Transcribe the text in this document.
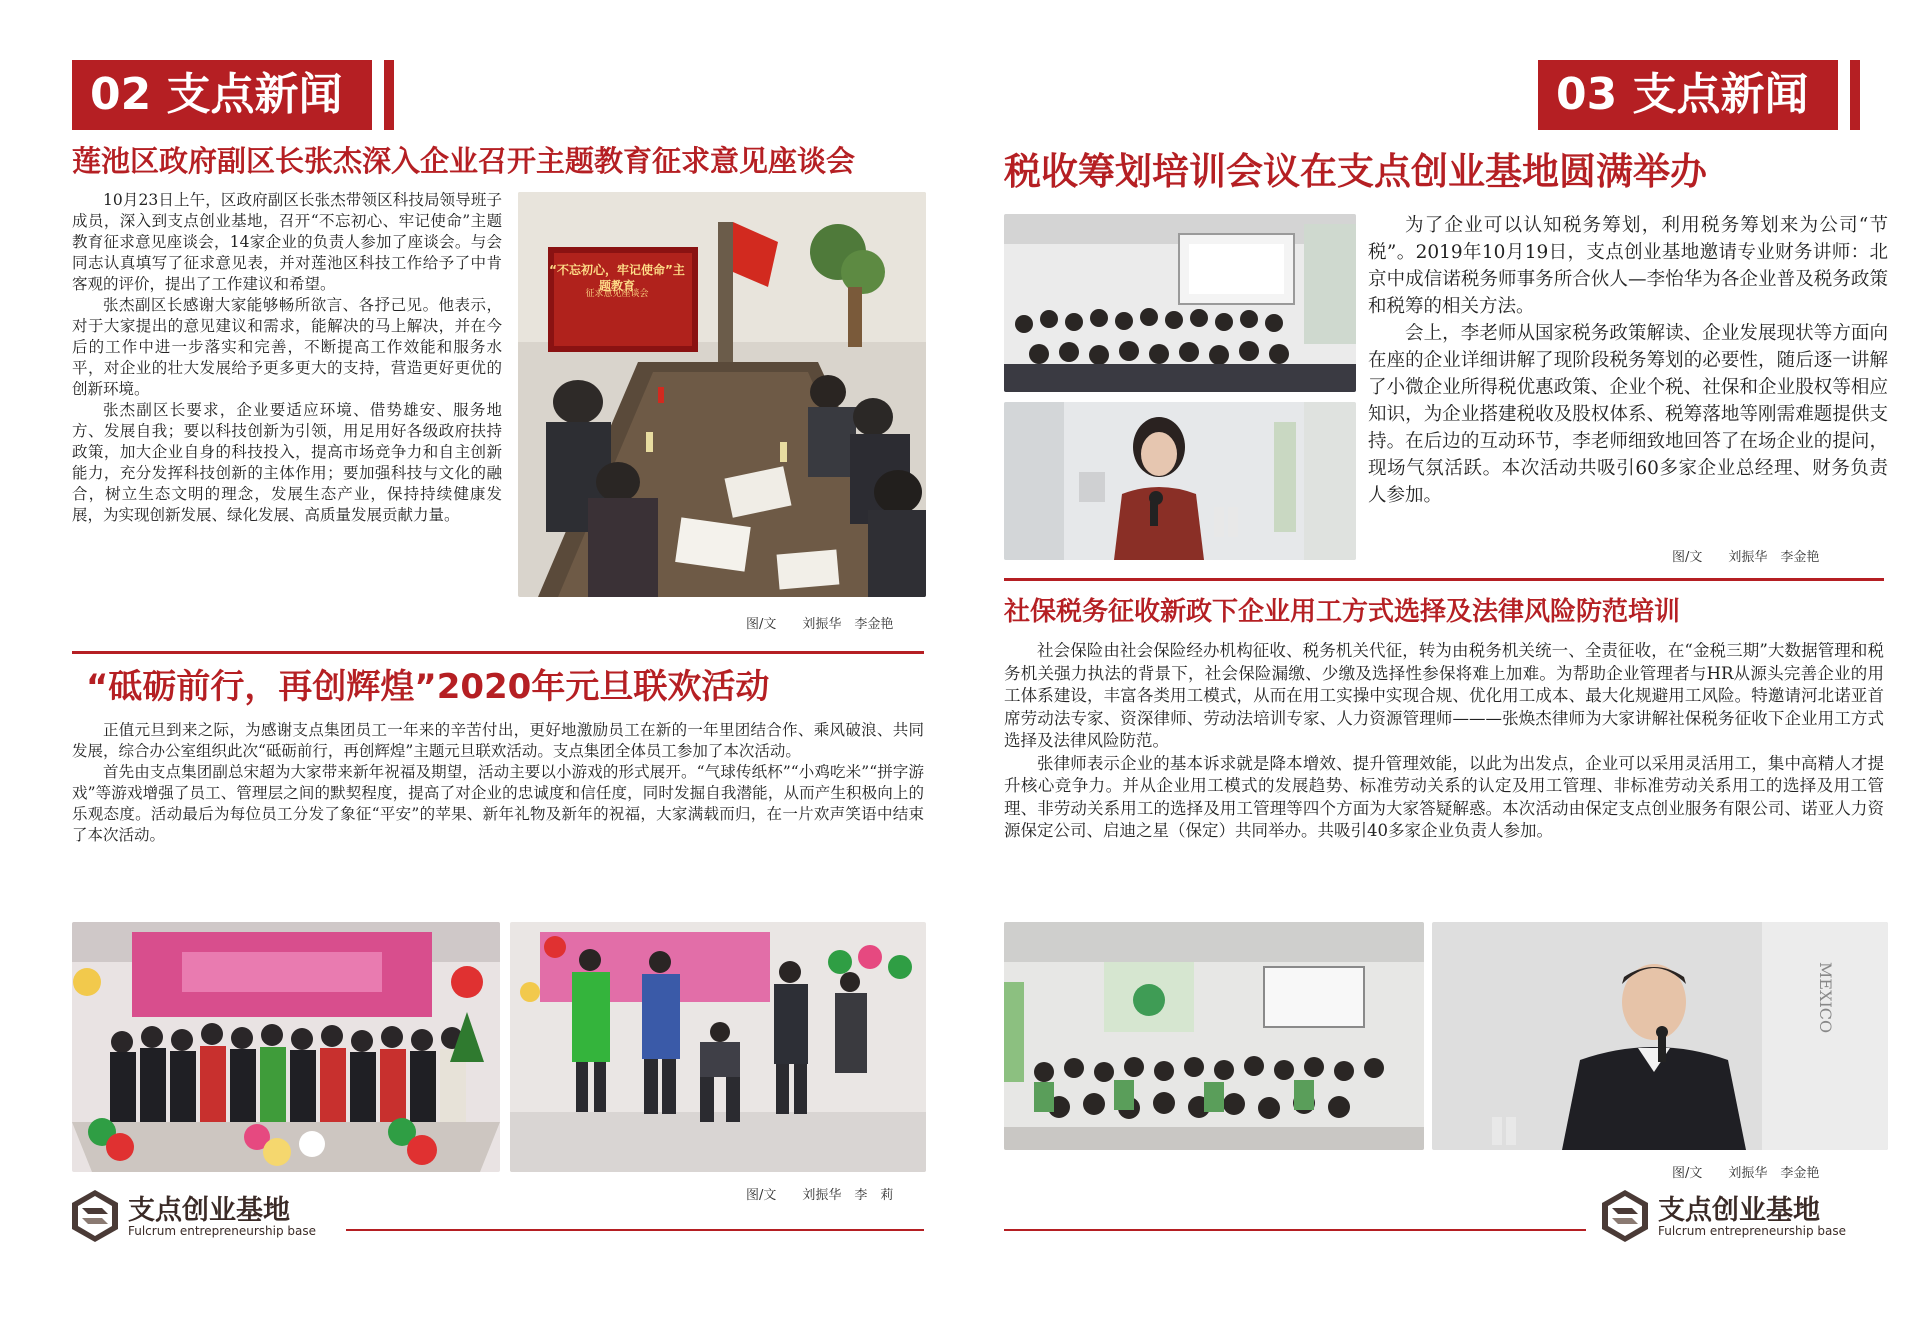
02 支点新闻
莲池区政府副区长张杰深入企业召开主题教育征求意见座谈会

10月23日上午，区政府副区长张杰带领区科技局领导班子成员，深入到支点创业基地，召开“不忘初心、牢记使命”主题教育征求意见座谈会，14家企业的负责人参加了座谈会。与会同志认真填写了征求意见表，并对莲池区科技工作给予了中肯客观的评价，提出了工作建议和希望。

张杰副区长感谢大家能够畅所欲言、各抒己见。他表示，对于大家提出的意见建议和需求，能解决的马上解决，并在今后的工作中进一步落实和完善，不断提高工作效能和服务水平，对企业的壮大发展给予更多更大的支持，营造更好更优的创新环境。

张杰副区长要求，企业要适应环境、借势雄安、服务地方、发展自我；要以科技创新为引领，用足用好各级政府扶持政策，加大企业自身的科技投入，提高市场竞争力和自主创新能力，充分发挥科技创新的主体作用；要加强科技与文化的融合，树立生态文明的理念，发展生态产业，保持持续健康发展，为实现创新发展、绿化发展、高质量发展贡献力量。

“不忘初心，牢记使命”主题教育
征求意见座谈会
图/文　　刘振华　李金艳
“砥砺前行，再创辉煌”2020年元旦联欢活动

正值元旦到来之际，为感谢支点集团员工一年来的辛苦付出，更好地激励员工在新的一年里团结合作、乘风破浪、共同发展，综合办公室组织此次“砥砺前行，再创辉煌”主题元旦联欢活动。支点集团全体员工参加了本次活动。

首先由支点集团副总宋超为大家带来新年祝福及期望，活动主要以小游戏的形式展开。“气球传纸杯”“小鸡吃米”“拼字游戏”等游戏增强了员工、管理层之间的默契程度，提高了对企业的忠诚度和信任度，同时发掘自我潜能，从而产生积极向上的乐观态度。活动最后为每位员工分发了象征“平安”的苹果、新年礼物及新年的祝福，大家满载而归，在一片欢声笑语中结束了本次活动。

图/文　　刘振华　李　莉
支点创业基地
Fulcrum entrepreneurship base
03 支点新闻
税收筹划培训会议在支点创业基地圆满举办

为了企业可以认知税务筹划，利用税务筹划来为公司“节税”。2019年10月19日，支点创业基地邀请专业财务讲师：北京中成信诺税务师事务所合伙人—李怡华为各企业普及税务政策和税筹的相关方法。

会上，李老师从国家税务政策解读、企业发展现状等方面向在座的企业详细讲解了现阶段税务筹划的必要性，随后逐一讲解了小微企业所得税优惠政策、企业个税、社保和企业股权等相应知识，为企业搭建税收及股权体系、税筹落地等刚需难题提供支持。在后边的互动环节，李老师细致地回答了在场企业的提问，现场气氛活跃。本次活动共吸引60多家企业总经理、财务负责人参加。

图/文　　刘振华　李金艳
社保税务征收新政下企业用工方式选择及法律风险防范培训

社会保险由社会保险经办机构征收、税务机关代征，转为由税务机关统一、全责征收，在“金税三期”大数据管理和税务机关强力执法的背景下，社会保险漏缴、少缴及选择性参保将难上加难。为帮助企业管理者与HR从源头完善企业的用工体系建设，丰富各类用工模式，从而在用工实操中实现合规、优化用工成本、最大化规避用工风险。特邀请河北诺亚首席劳动法专家、资深律师、劳动法培训专家、人力资源管理师———张焕杰律师为大家讲解社保税务征收下企业用工方式选择及法律风险防范。

张律师表示企业的基本诉求就是降本增效、提升管理效能，以此为出发点，企业可以采用灵活用工，集中高精人才提升核心竞争力。并从企业用工模式的发展趋势、标准劳动关系的认定及用工管理、非标准劳动关系用工的选择及用工管理、非劳动关系用工的选择及用工管理等四个方面为大家答疑解惑。本次活动由保定支点创业服务有限公司、诺亚人力资源保定公司、启迪之星（保定）共同举办。共吸引40多家企业负责人参加。

MEXICO
图/文　　刘振华　李金艳
支点创业基地
Fulcrum entrepreneurship base
